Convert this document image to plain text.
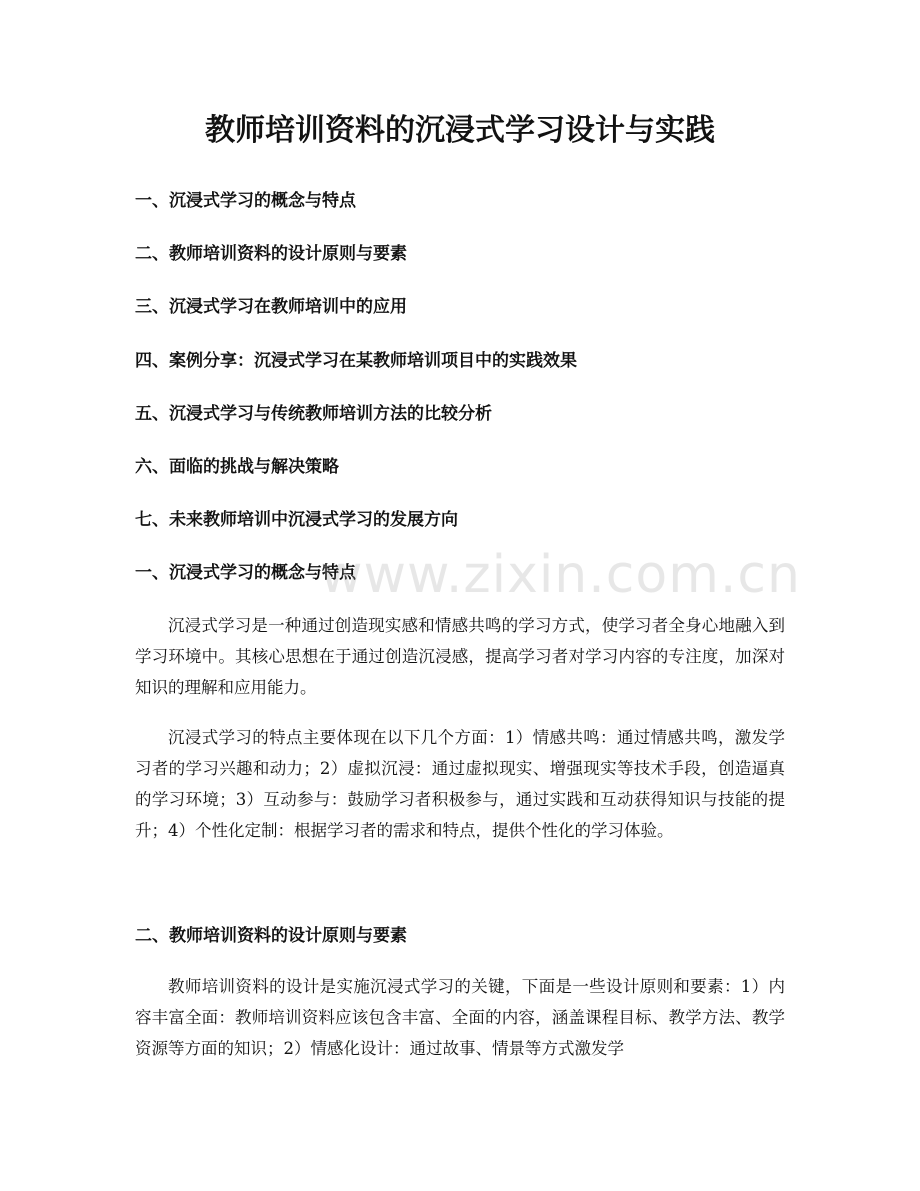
教师培训资料的沉浸式学习设计与实践
一、沉浸式学习的概念与特点
二、教师培训资料的设计原则与要素
三、沉浸式学习在教师培训中的应用
四、案例分享：沉浸式学习在某教师培训项目中的实践效果
五、沉浸式学习与传统教师培训方法的比较分析
六、面临的挑战与解决策略
七、未来教师培训中沉浸式学习的发展方向
一、沉浸式学习的概念与特点

沉浸式学习是一种通过创造现实感和情感共鸣的学习方式，使学习者全身心地融入到学习环境中。其核心思想在于通过创造沉浸感，提高学习者对学习内容的专注度，加深对知识的理解和应用能力。

沉浸式学习的特点主要体现在以下几个方面：1）情感共鸣：通过情感共鸣，激发学习者的学习兴趣和动力；2）虚拟沉浸：通过虚拟现实、增强现实等技术手段，创造逼真的学习环境；3）互动参与：鼓励学习者积极参与，通过实践和互动获得知识与技能的提升；4）个性化定制：根据学习者的需求和特点，提供个性化的学习体验。

二、教师培训资料的设计原则与要素

教师培训资料的设计是实施沉浸式学习的关键，下面是一些设计原则和要素：1）内容丰富全面：教师培训资料应该包含丰富、全面的内容，涵盖课程目标、教学方法、教学资源等方面的知识；2）情感化设计：通过故事、情景等方式激发学

www.zixin.com.cn
